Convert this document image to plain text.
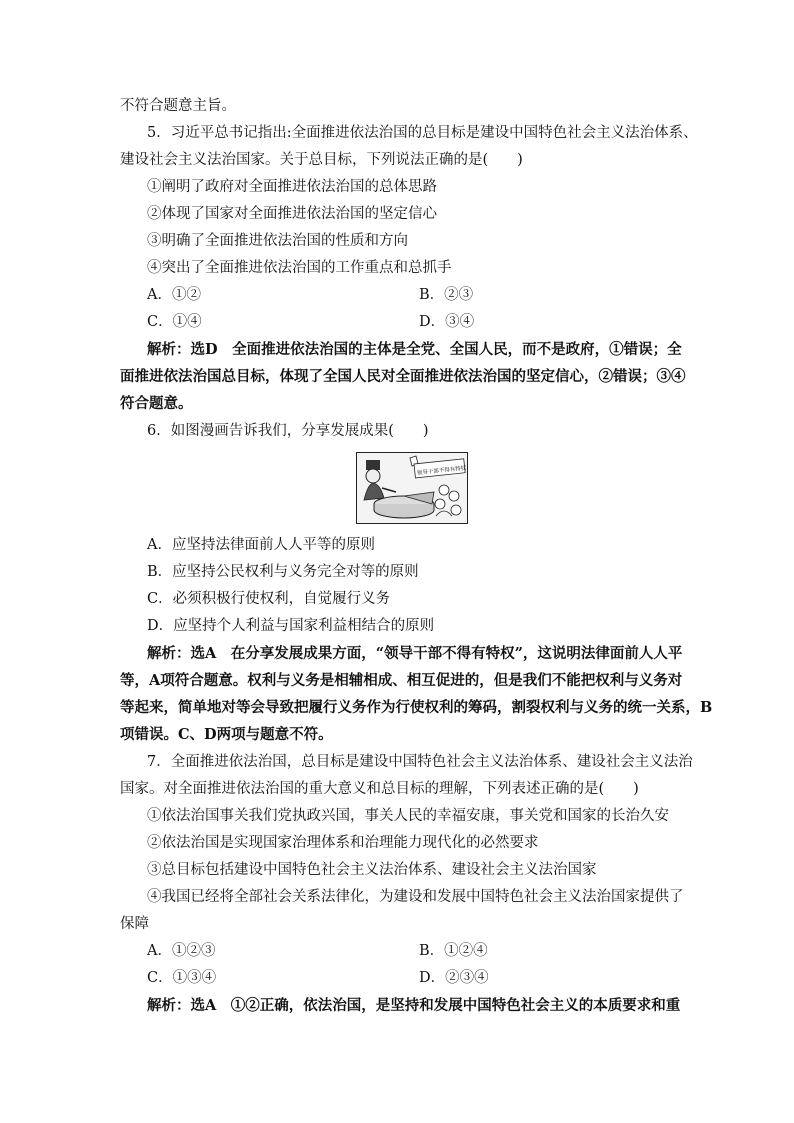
不符合题意主旨。
5．习近平总书记指出:全面推进依法治国的总目标是建设中国特色社会主义法治体系、
建设社会主义法治国家。关于总目标，下列说法正确的是(　　)
①阐明了政府对全面推进依法治国的总体思路
②体现了国家对全面推进依法治国的坚定信心
③明确了全面推进依法治国的性质和方向
④突出了全面推进依法治国的工作重点和总抓手
A．①②	B．②③
C．①④	D．③④
解析：选D　全面推进依法治国的主体是全党、全国人民，而不是政府，①错误；全
面推进依法治国总目标，体现了全国人民对全面推进依法治国的坚定信心，②错误；③④
符合题意。
6．如图漫画告诉我们，分享发展成果(　　)
领导干部不得有特权
A．应坚持法律面前人人平等的原则
B．应坚持公民权利与义务完全对等的原则
C．必须积极行使权利，自觉履行义务
D．应坚持个人利益与国家利益相结合的原则
解析：选A　在分享发展成果方面，“领导干部不得有特权”，这说明法律面前人人平
等，A项符合题意。权利与义务是相辅相成、相互促进的，但是我们不能把权利与义务对
等起来，简单地对等会导致把履行义务作为行使权利的筹码，割裂权利与义务的统一关系，B
项错误。C、D两项与题意不符。
7．全面推进依法治国，总目标是建设中国特色社会主义法治体系、建设社会主义法治
国家。对全面推进依法治国的重大意义和总目标的理解，下列表述正确的是(　　)
①依法治国事关我们党执政兴国，事关人民的幸福安康，事关党和国家的长治久安
②依法治国是实现国家治理体系和治理能力现代化的必然要求
③总目标包括建设中国特色社会主义法治体系、建设社会主义法治国家
④我国已经将全部社会关系法律化，为建设和发展中国特色社会主义法治国家提供了
保障
A．①②③	B．①②④
C．①③④	D．②③④
解析：选A　①②正确，依法治国，是坚持和发展中国特色社会主义的本质要求和重
